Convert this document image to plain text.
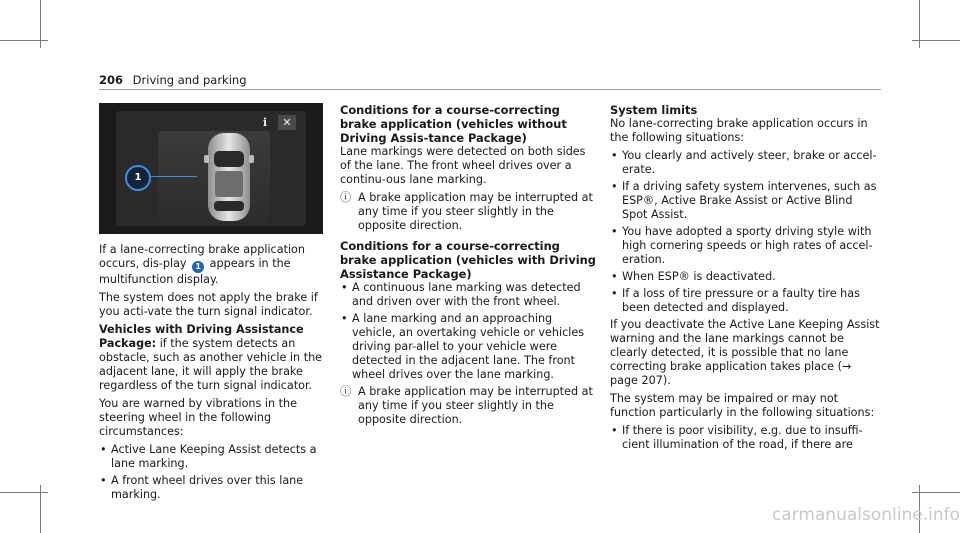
206 Driving and parking
i	✕
1

If a lane-correcting brake application occurs, dis-play 1 appears in the multifunction display.

The system does not apply the brake if you acti-vate the turn signal indicator.

Vehicles with Driving Assistance Package: if the system detects an obstacle, such as another vehicle in the adjacent lane, it will apply the brake regardless of the turn signal indicator.

You are warned by vibrations in the steering wheel in the following circumstances:

• Active Lane Keeping Assist detects a lane marking.
• A front wheel drives over this lane marking.
Conditions for a course-correcting brake application (vehicles without Driving Assis-tance Package)

Lane markings were detected on both sides of the lane. The front wheel drives over a continu-ous lane marking.

ⓘ A brake application may be interrupted at any time if you steer slightly in the opposite direction.
Conditions for a course-correcting brake application (vehicles with Driving Assistance Package)
• A continuous lane marking was detected and driven over with the front wheel.
• A lane marking and an approaching vehicle, an overtaking vehicle or vehicles driving par-allel to your vehicle were detected in the adjacent lane. The front wheel drives over the lane marking.
ⓘ A brake application may be interrupted at any time if you steer slightly in the opposite direction.
System limits

No lane-correcting brake application occurs in the following situations:

• You clearly and actively steer, brake or accel-erate.
• If a driving safety system intervenes, such as ESP®, Active Brake Assist or Active Blind Spot Assist.
• You have adopted a sporty driving style with high cornering speeds or high rates of accel-eration.
• When ESP® is deactivated.
• If a loss of tire pressure or a faulty tire has been detected and displayed.

If you deactivate the Active Lane Keeping Assist warning and the lane markings cannot be clearly detected, it is possible that no lane correcting brake application takes place (→ page 207).

The system may be impaired or may not function particularly in the following situations:

• If there is poor visibility, e.g. due to insuffi-cient illumination of the road, if there are
carmanualsonline.info
